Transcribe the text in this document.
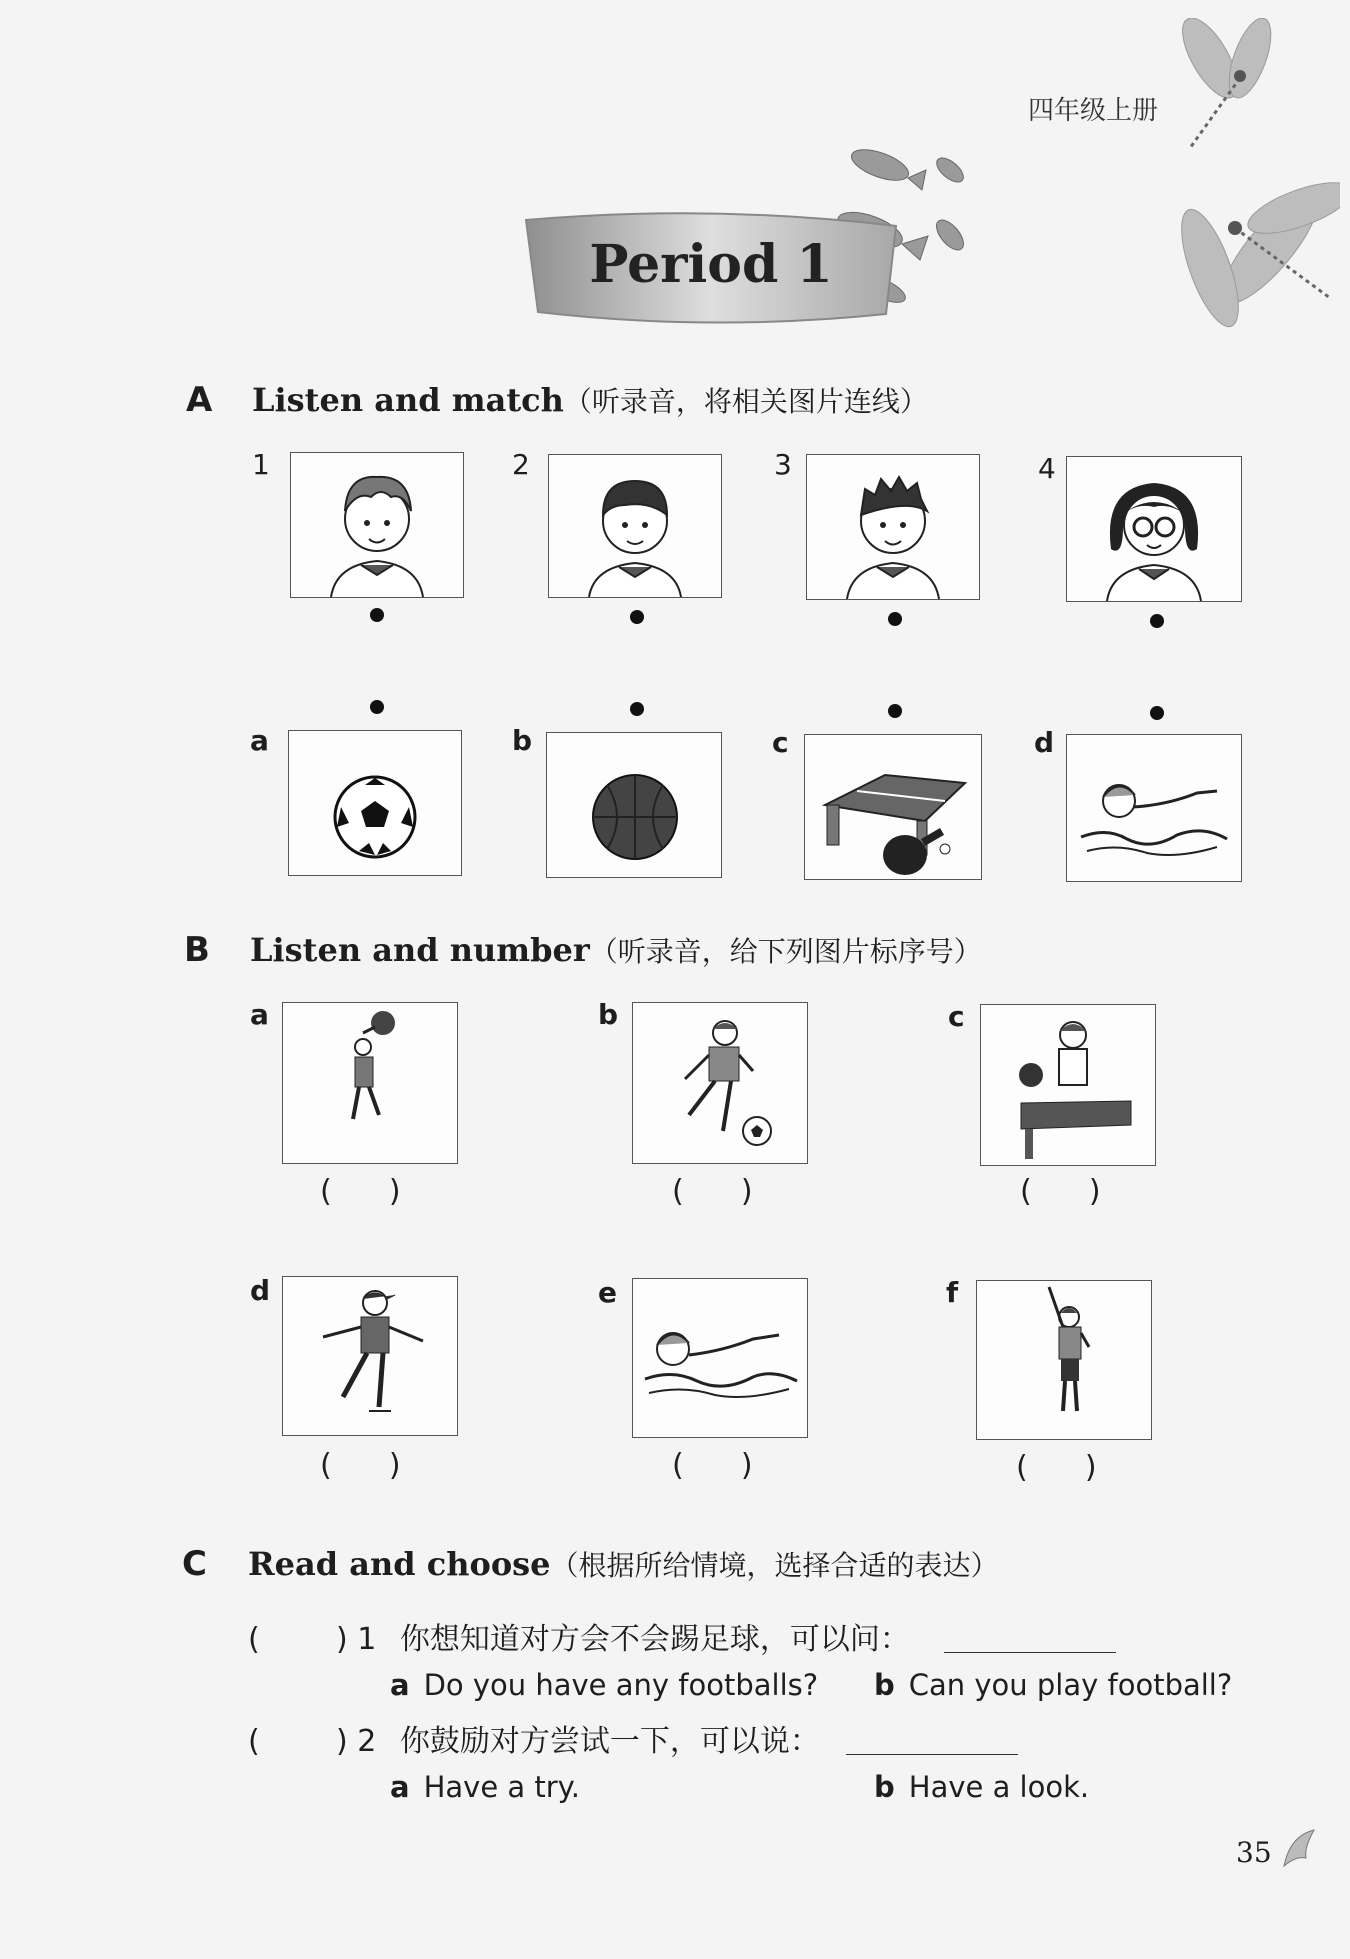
四年级上册
Period 1
A Listen and match（听录音，将相关图片连线）
1	2	3	4
a	b	c	d
B Listen and number（听录音，给下列图片标序号）
a
(      )
b
(      )
c
(      )
d
(      )
e
(      )
f
(      )
C Read and choose（根据所给情境，选择合适的表达）
(        ) 1 你想知道对方会不会踢足球，可以问：
a Do you have any footballs? b Can you play football?
(        ) 2 你鼓励对方尝试一下，可以说：
a Have a try.	b Have a look.
35
